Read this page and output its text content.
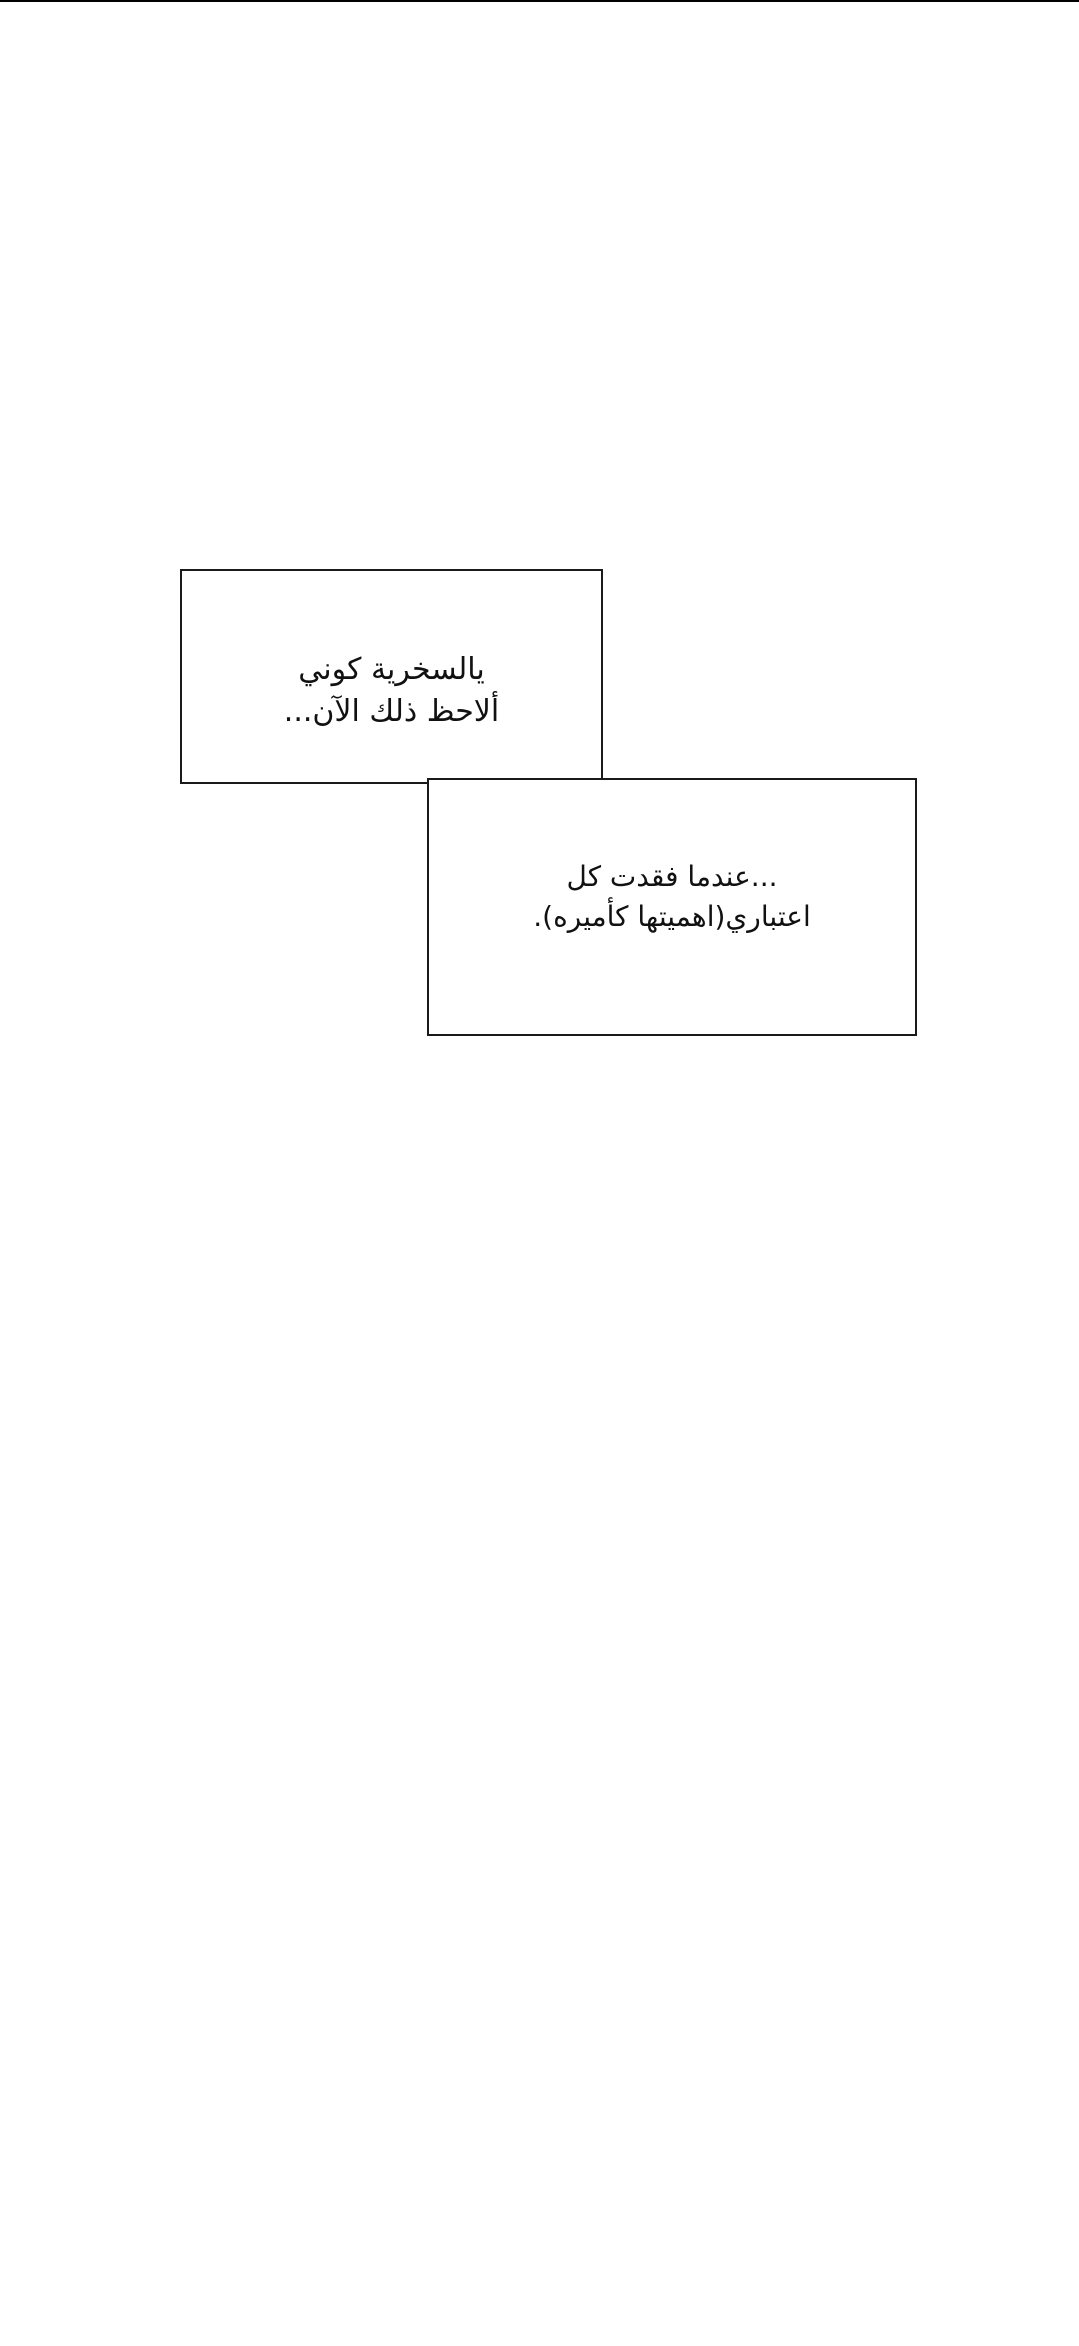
يالسخرية كوني
ألاحظ ذلك الآن...
...عندما فقدت كل
اعتباري(اهميتها كأميره).
